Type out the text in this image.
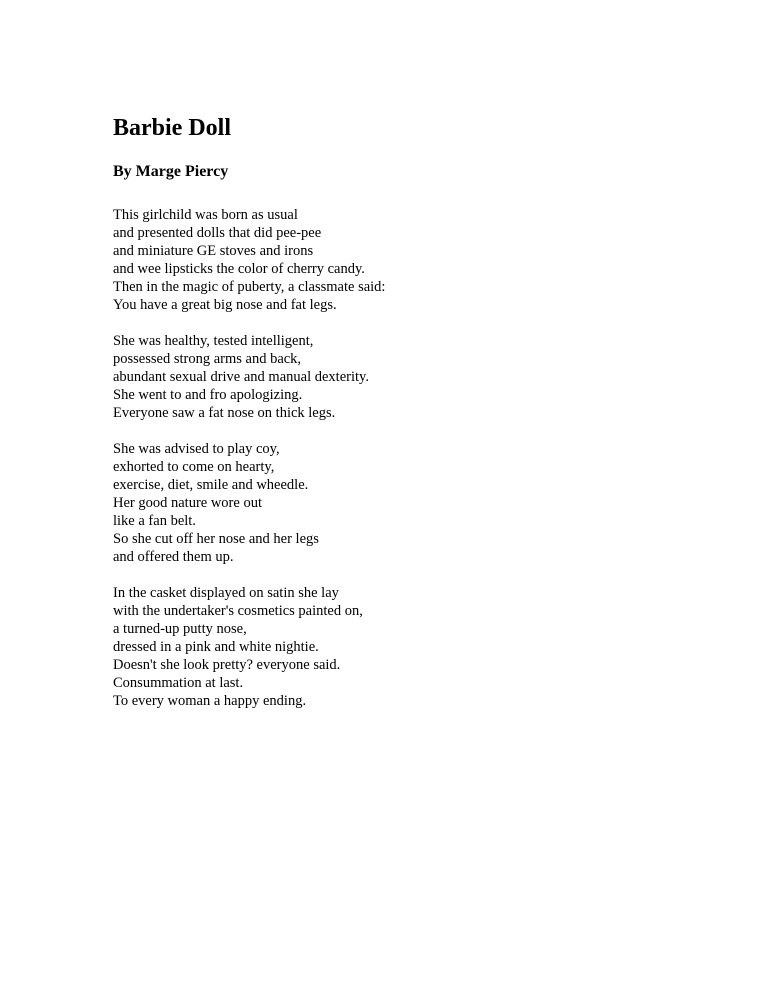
Barbie Doll
By Marge Piercy
This girlchild was born as usual
and presented dolls that did pee-pee
and miniature GE stoves and irons
and wee lipsticks the color of cherry candy.
Then in the magic of puberty, a classmate said:
You have a great big nose and fat legs.
She was healthy, tested intelligent,
possessed strong arms and back,
abundant sexual drive and manual dexterity.
She went to and fro apologizing.
Everyone saw a fat nose on thick legs.
She was advised to play coy,
exhorted to come on hearty,
exercise, diet, smile and wheedle.
Her good nature wore out
like a fan belt.
So she cut off her nose and her legs
and offered them up.
In the casket displayed on satin she lay
with the undertaker's cosmetics painted on,
a turned-up putty nose,
dressed in a pink and white nightie.
Doesn't she look pretty? everyone said.
Consummation at last.
To every woman a happy ending.
